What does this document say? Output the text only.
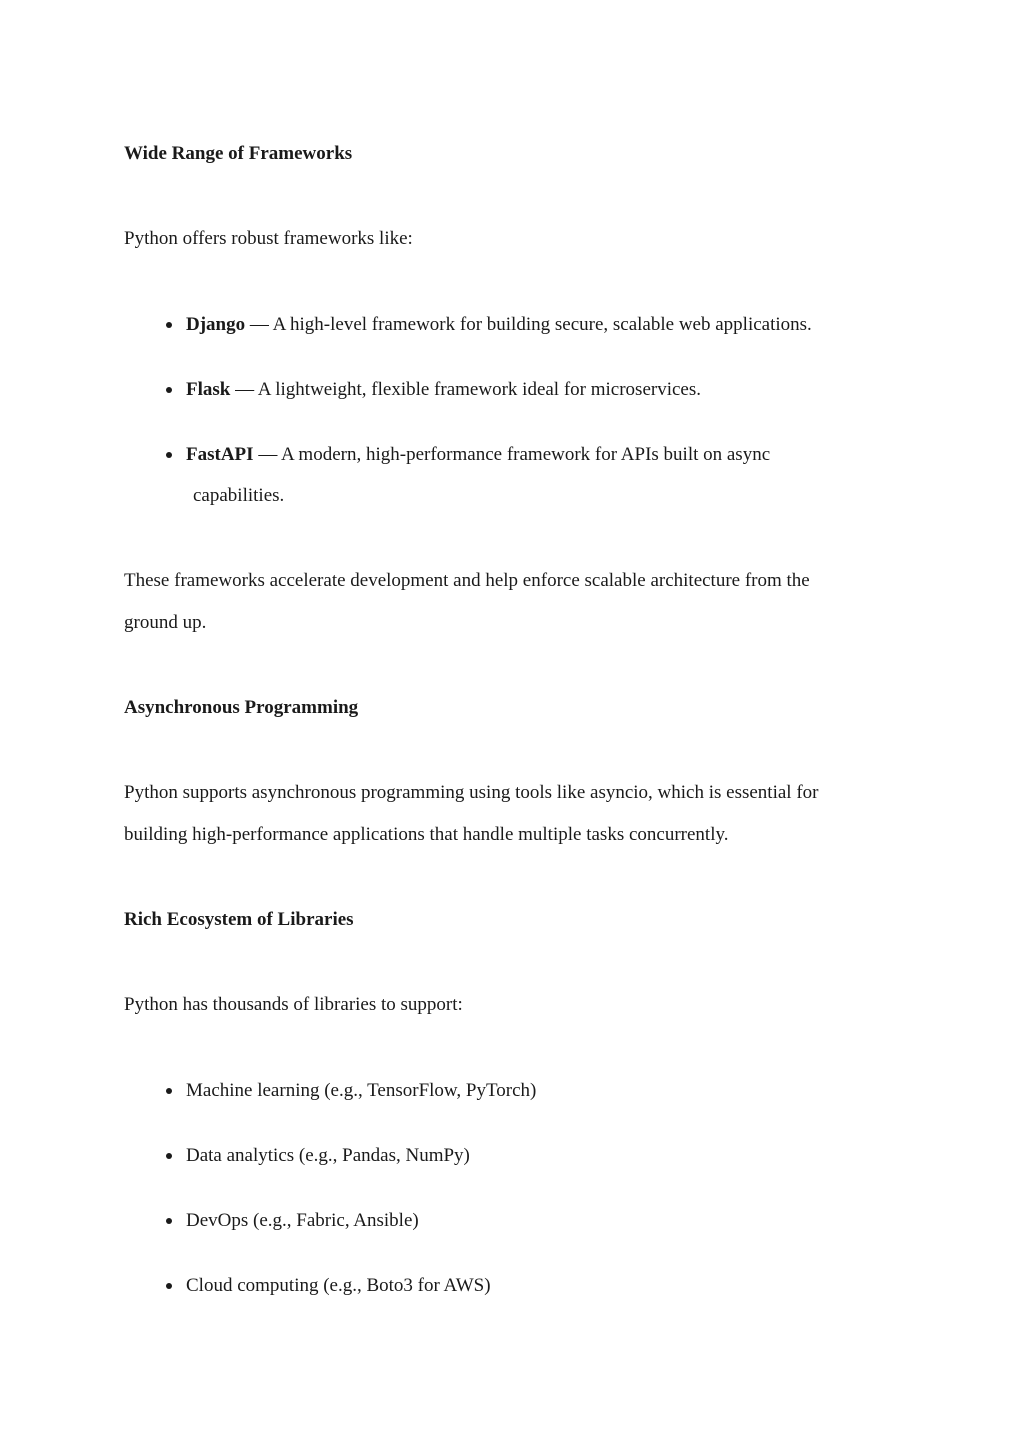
Wide Range of Frameworks
Python offers robust frameworks like:
Django — A high-level framework for building secure, scalable web applications.
Flask — A lightweight, flexible framework ideal for microservices.
FastAPI — A modern, high-performance framework for APIs built on async
capabilities.
These frameworks accelerate development and help enforce scalable architecture from the
ground up.
Asynchronous Programming
Python supports asynchronous programming using tools like asyncio, which is essential for
building high-performance applications that handle multiple tasks concurrently.
Rich Ecosystem of Libraries
Python has thousands of libraries to support:
Machine learning (e.g., TensorFlow, PyTorch)
Data analytics (e.g., Pandas, NumPy)
DevOps (e.g., Fabric, Ansible)
Cloud computing (e.g., Boto3 for AWS)
